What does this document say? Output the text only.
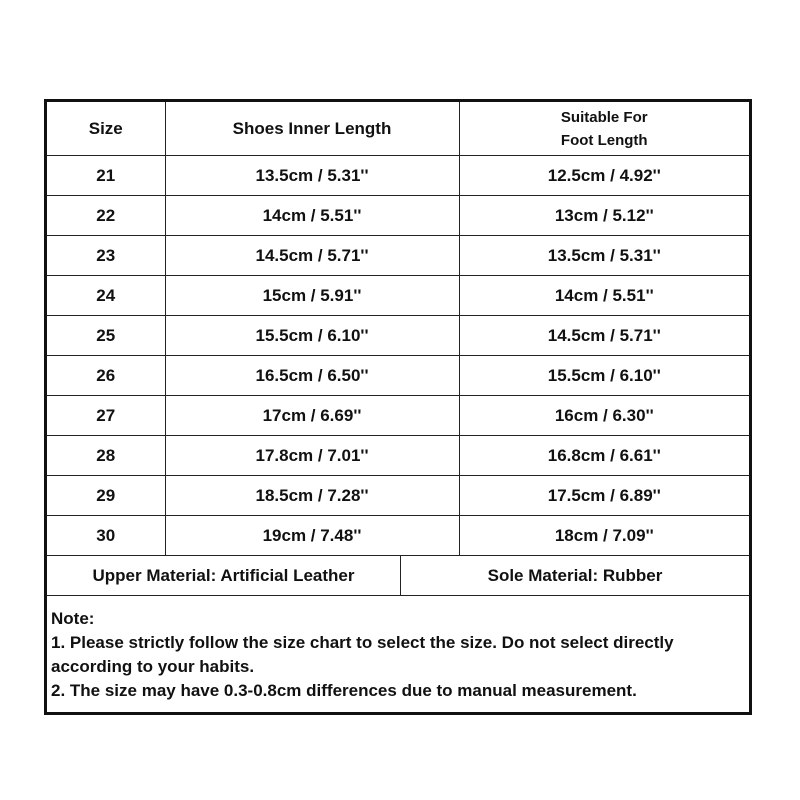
Size	Shoes Inner Length	Suitable For
Foot Length

21	13.5cm / 5.31''	12.5cm / 4.92''
22	14cm / 5.51''	13cm / 5.12''
23	14.5cm / 5.71''	13.5cm / 5.31''
24	15cm / 5.91''	14cm / 5.51''
25	15.5cm / 6.10''	14.5cm / 5.71''
26	16.5cm / 6.50''	15.5cm / 6.10''
27	17cm / 6.69''	16cm / 6.30''
28	17.8cm / 7.01''	16.8cm / 6.61''
29	18.5cm / 7.28''	17.5cm / 6.89''
30	19cm / 7.48''	18cm / 7.09''
Upper Material: Artificial Leather	Sole Material: Rubber

Note:

1. Please strictly follow the size chart to select the size. Do not select directly according to your habits.

2. The size may have 0.3-0.8cm differences due to manual measurement.
